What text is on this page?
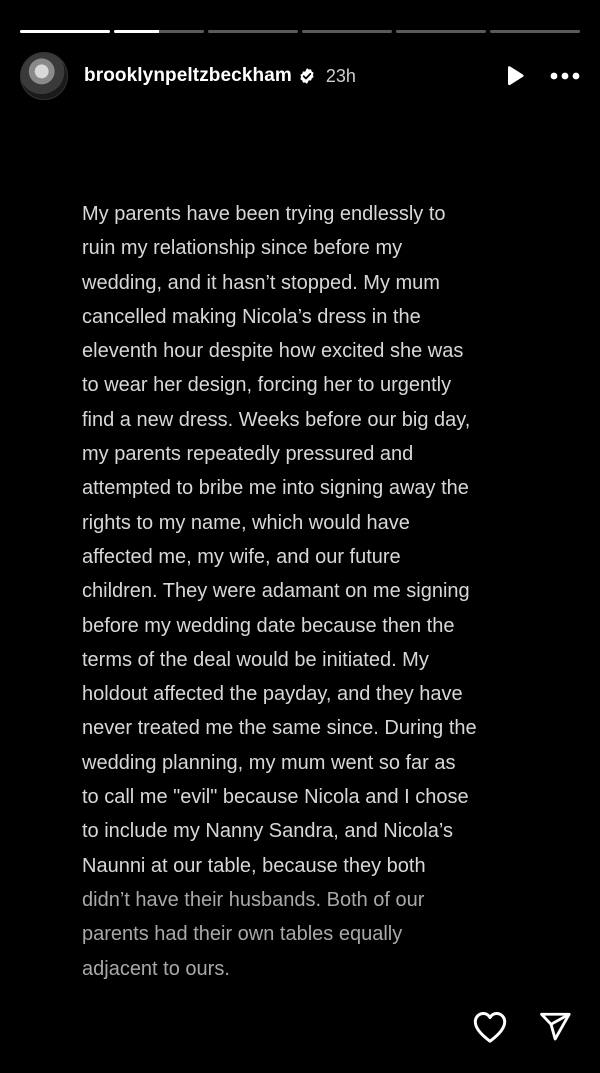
brooklynpeltzbeckham 23h
My parents have been trying endlessly to
ruin my relationship since before my
wedding, and it hasn’t stopped. My mum
cancelled making Nicola’s dress in the
eleventh hour despite how excited she was
to wear her design, forcing her to urgently
find a new dress. Weeks before our big day,
my parents repeatedly pressured and
attempted to bribe me into signing away the
rights to my name, which would have
affected me, my wife, and our future
children. They were adamant on me signing
before my wedding date because then the
terms of the deal would be initiated. My
holdout affected the payday, and they have
never treated me the same since. During the
wedding planning, my mum went so far as
to call me "evil" because Nicola and I chose
to include my Nanny Sandra, and Nicola’s
Naunni at our table, because they both
didn’t have their husbands. Both of our
parents had their own tables equally
adjacent to ours.
